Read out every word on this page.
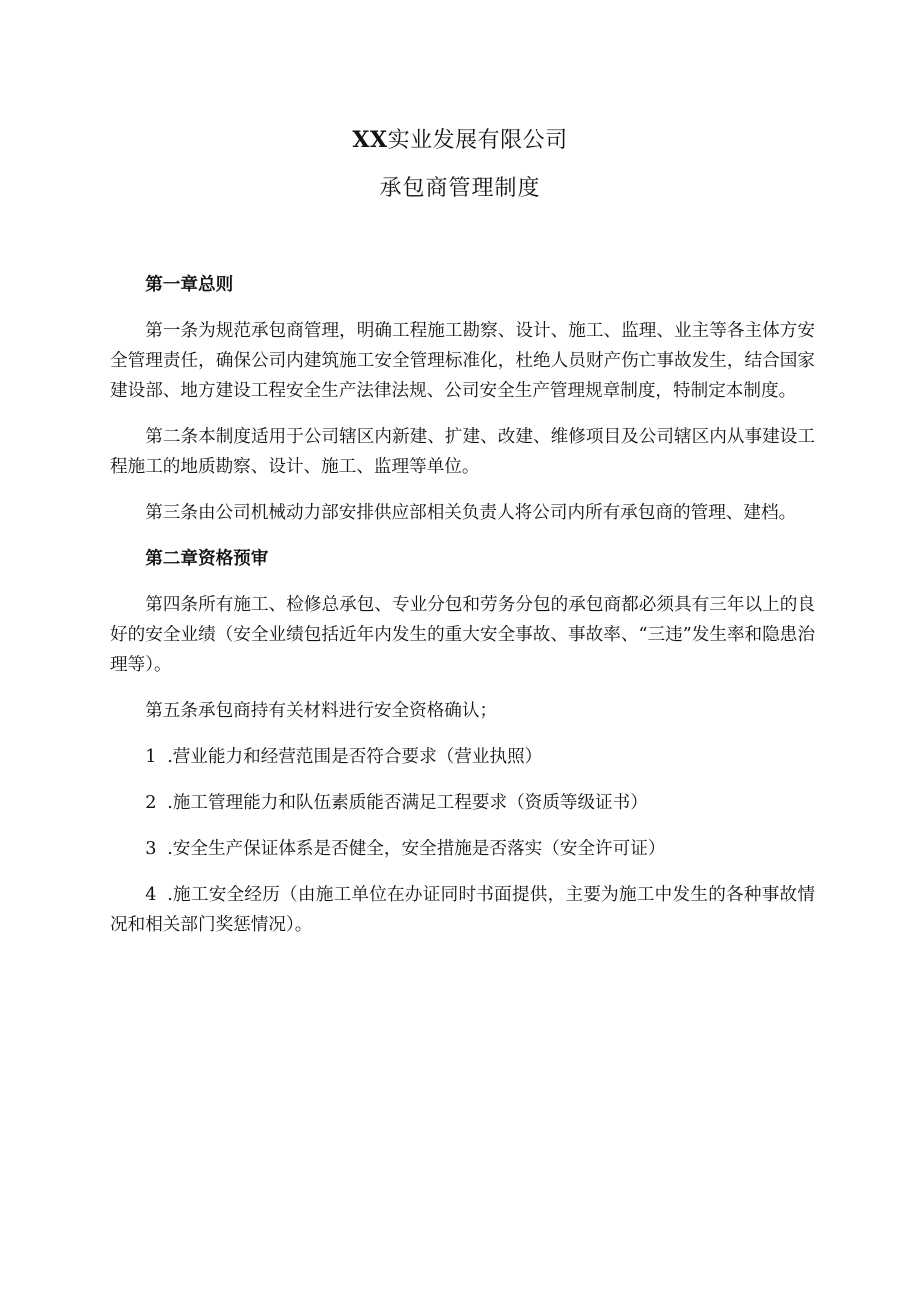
XX实业发展有限公司
承包商管理制度

第一章总则

第一条为规范承包商管理，明确工程施工勘察、设计、施工、监理、业主等各主体方安全管理责任，确保公司内建筑施工安全管理标准化，杜绝人员财产伤亡事故发生，结合国家建设部、地方建设工程安全生产法律法规、公司安全生产管理规章制度，特制定本制度。

第二条本制度适用于公司辖区内新建、扩建、改建、维修项目及公司辖区内从事建设工程施工的地质勘察、设计、施工、监理等单位。

第三条由公司机械动力部安排供应部相关负责人将公司内所有承包商的管理、建档。

第二章资格预审

第四条所有施工、检修总承包、专业分包和劳务分包的承包商都必须具有三年以上的良好的安全业绩（安全业绩包括近年内发生的重大安全事故、事故率、“三违”发生率和隐患治理等）。

第五条承包商持有关材料进行安全资格确认；

1 .营业能力和经营范围是否符合要求（营业执照）

2 .施工管理能力和队伍素质能否满足工程要求（资质等级证书）

3 .安全生产保证体系是否健全，安全措施是否落实（安全许可证）

4 .施工安全经历（由施工单位在办证同时书面提供，主要为施工中发生的各种事故情况和相关部门奖惩情况）。
